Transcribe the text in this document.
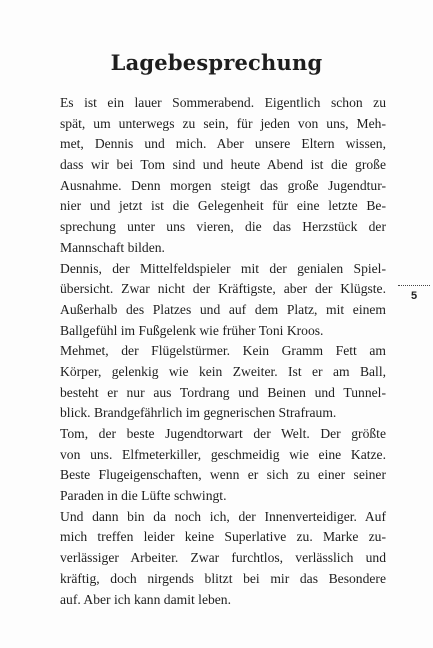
Lagebesprechung
Es ist ein lauer Sommerabend. Eigentlich schon zu
spät, um unterwegs zu sein, für jeden von uns, Meh-
met, Dennis und mich. Aber unsere Eltern wissen,
dass wir bei Tom sind und heute Abend ist die große
Ausnahme. Denn morgen steigt das große Jugendtur-
nier und jetzt ist die Gelegenheit für eine letzte Be-
sprechung unter uns vieren, die das Herzstück der
Mannschaft bilden.
Dennis, der Mittelfeldspieler mit der genialen Spiel-
übersicht. Zwar nicht der Kräftigste, aber der Klügste.
Außerhalb des Platzes und auf dem Platz, mit einem
Ballgefühl im Fußgelenk wie früher Toni Kroos.
Mehmet, der Flügelstürmer. Kein Gramm Fett am
Körper, gelenkig wie kein Zweiter. Ist er am Ball,
besteht er nur aus Tordrang und Beinen und Tunnel-
blick. Brandgefährlich im gegnerischen Strafraum.
Tom, der beste Jugendtorwart der Welt. Der größte
von uns. Elfmeterkiller, geschmeidig wie eine Katze.
Beste Flugeigenschaften, wenn er sich zu einer seiner
Paraden in die Lüfte schwingt.
Und dann bin da noch ich, der Innenverteidiger. Auf
mich treffen leider keine Superlative zu. Marke zu-
verlässiger Arbeiter. Zwar furchtlos, verlässlich und
kräftig, doch nirgends blitzt bei mir das Besondere
auf. Aber ich kann damit leben.
5
